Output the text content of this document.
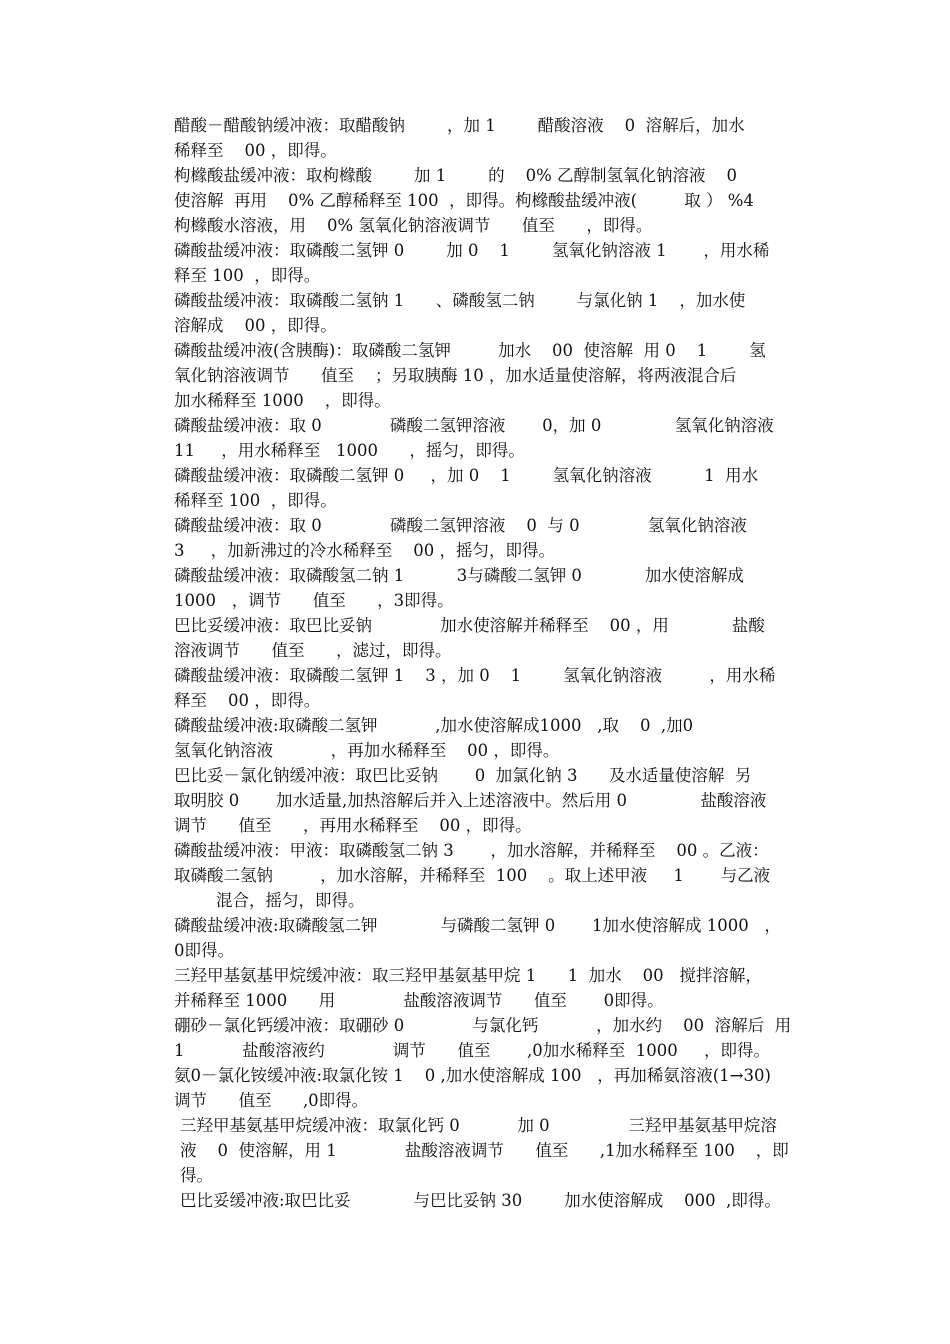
醋酸－醋酸钠缓冲液：取醋酸钠        ，加 1        醋酸溶液    0  溶解后，加水
稀释至    00 ，即得。
枸橼酸盐缓冲液：取枸橼酸        加 1        的    0% 乙醇制氢氧化钠溶液    0
使溶解  再用    0% 乙醇稀释至 100  ，即得。枸橼酸盐缓冲液(         取 ） %4
枸橼酸水溶液，用    0% 氢氧化钠溶液调节      值至      ，即得。
磷酸盐缓冲液：取磷酸二氢钾 0        加 0    1        氢氧化钠溶液 1       ，用水稀
释至 100  ，即得。
磷酸盐缓冲液：取磷酸二氢钠 1      、磷酸氢二钠        与氯化钠 1    ，加水使
溶解成    00 ，即得。
磷酸盐缓冲液(含胰酶)：取磷酸二氢钾         加水    00  使溶解  用 0    1        氢
氧化钠溶液调节      值至    ；另取胰酶 10 ，加水适量使溶解，将两液混合后
加水稀释至 1000    ，即得。
磷酸盐缓冲液：取 0             磷酸二氢钾溶液       0，加 0              氢氧化钠溶液
11     ，用水稀释至   1000      ，摇匀，即得。
磷酸盐缓冲液：取磷酸二氢钾 0     ，加 0    1        氢氧化钠溶液          1  用水
稀释至 100  ，即得。
磷酸盐缓冲液：取 0             磷酸二氢钾溶液    0  与 0             氢氧化钠溶液
3     ，加新沸过的冷水稀释至    00 ，摇匀，即得。
磷酸盐缓冲液：取磷酸氢二钠 1          3与磷酸二氢钾 0            加水使溶解成
1000   ，调节      值至      ，3即得。
巴比妥缓冲液：取巴比妥钠             加水使溶解并稀释至    00 ，用            盐酸
溶液调节      值至      ，滤过，即得。
磷酸盐缓冲液：取磷酸二氢钾 1    3 ，加 0    1        氢氧化钠溶液         ，用水稀
释至    00 ，即得。
磷酸盐缓冲液:取磷酸二氢钾           ,加水使溶解成1000   ,取    0  ,加0
氢氧化钠溶液           ，再加水稀释至    00 ，即得。
巴比妥－氯化钠缓冲液：取巴比妥钠       0  加氯化钠 3      及水适量使溶解  另
取明胶 0       加水适量,加热溶解后并入上述溶液中。然后用 0              盐酸溶液
调节      值至      ，再用水稀释至    00 ，即得。
磷酸盐缓冲液：甲液：取磷酸氢二钠 3       ，加水溶解，并稀释至    00 。乙液：
取磷酸二氢钠         ，加水溶解，并稀释至  100    。取上述甲液     1       与乙液
混合，摇匀，即得。
磷酸盐缓冲液:取磷酸氢二钾            与磷酸二氢钾 0       1加水使溶解成 1000   ，
0即得。
三羟甲基氨基甲烷缓冲液：取三羟甲基氨基甲烷 1      1  加水    00   搅拌溶解，
并稀释至 1000      用             盐酸溶液调节      值至       0即得。
硼砂－氯化钙缓冲液：取硼砂 0             与氯化钙           ，加水约    00  溶解后  用
1           盐酸溶液约             调节      值至       ,0加水稀释至  1000     ，即得。
氨0－氯化铵缓冲液:取氯化铵 1    0 ,加水使溶解成 100   ，再加稀氨溶液(1→30)
调节      值至      ,0即得。
三羟甲基氨基甲烷缓冲液：取氯化钙 0           加 0               三羟甲基氨基甲烷溶
液    0  使溶解，用 1             盐酸溶液调节      值至      ,1加水稀释至 100    ，即
得。
巴比妥缓冲液:取巴比妥            与巴比妥钠 30        加水使溶解成    000  ,即得。
